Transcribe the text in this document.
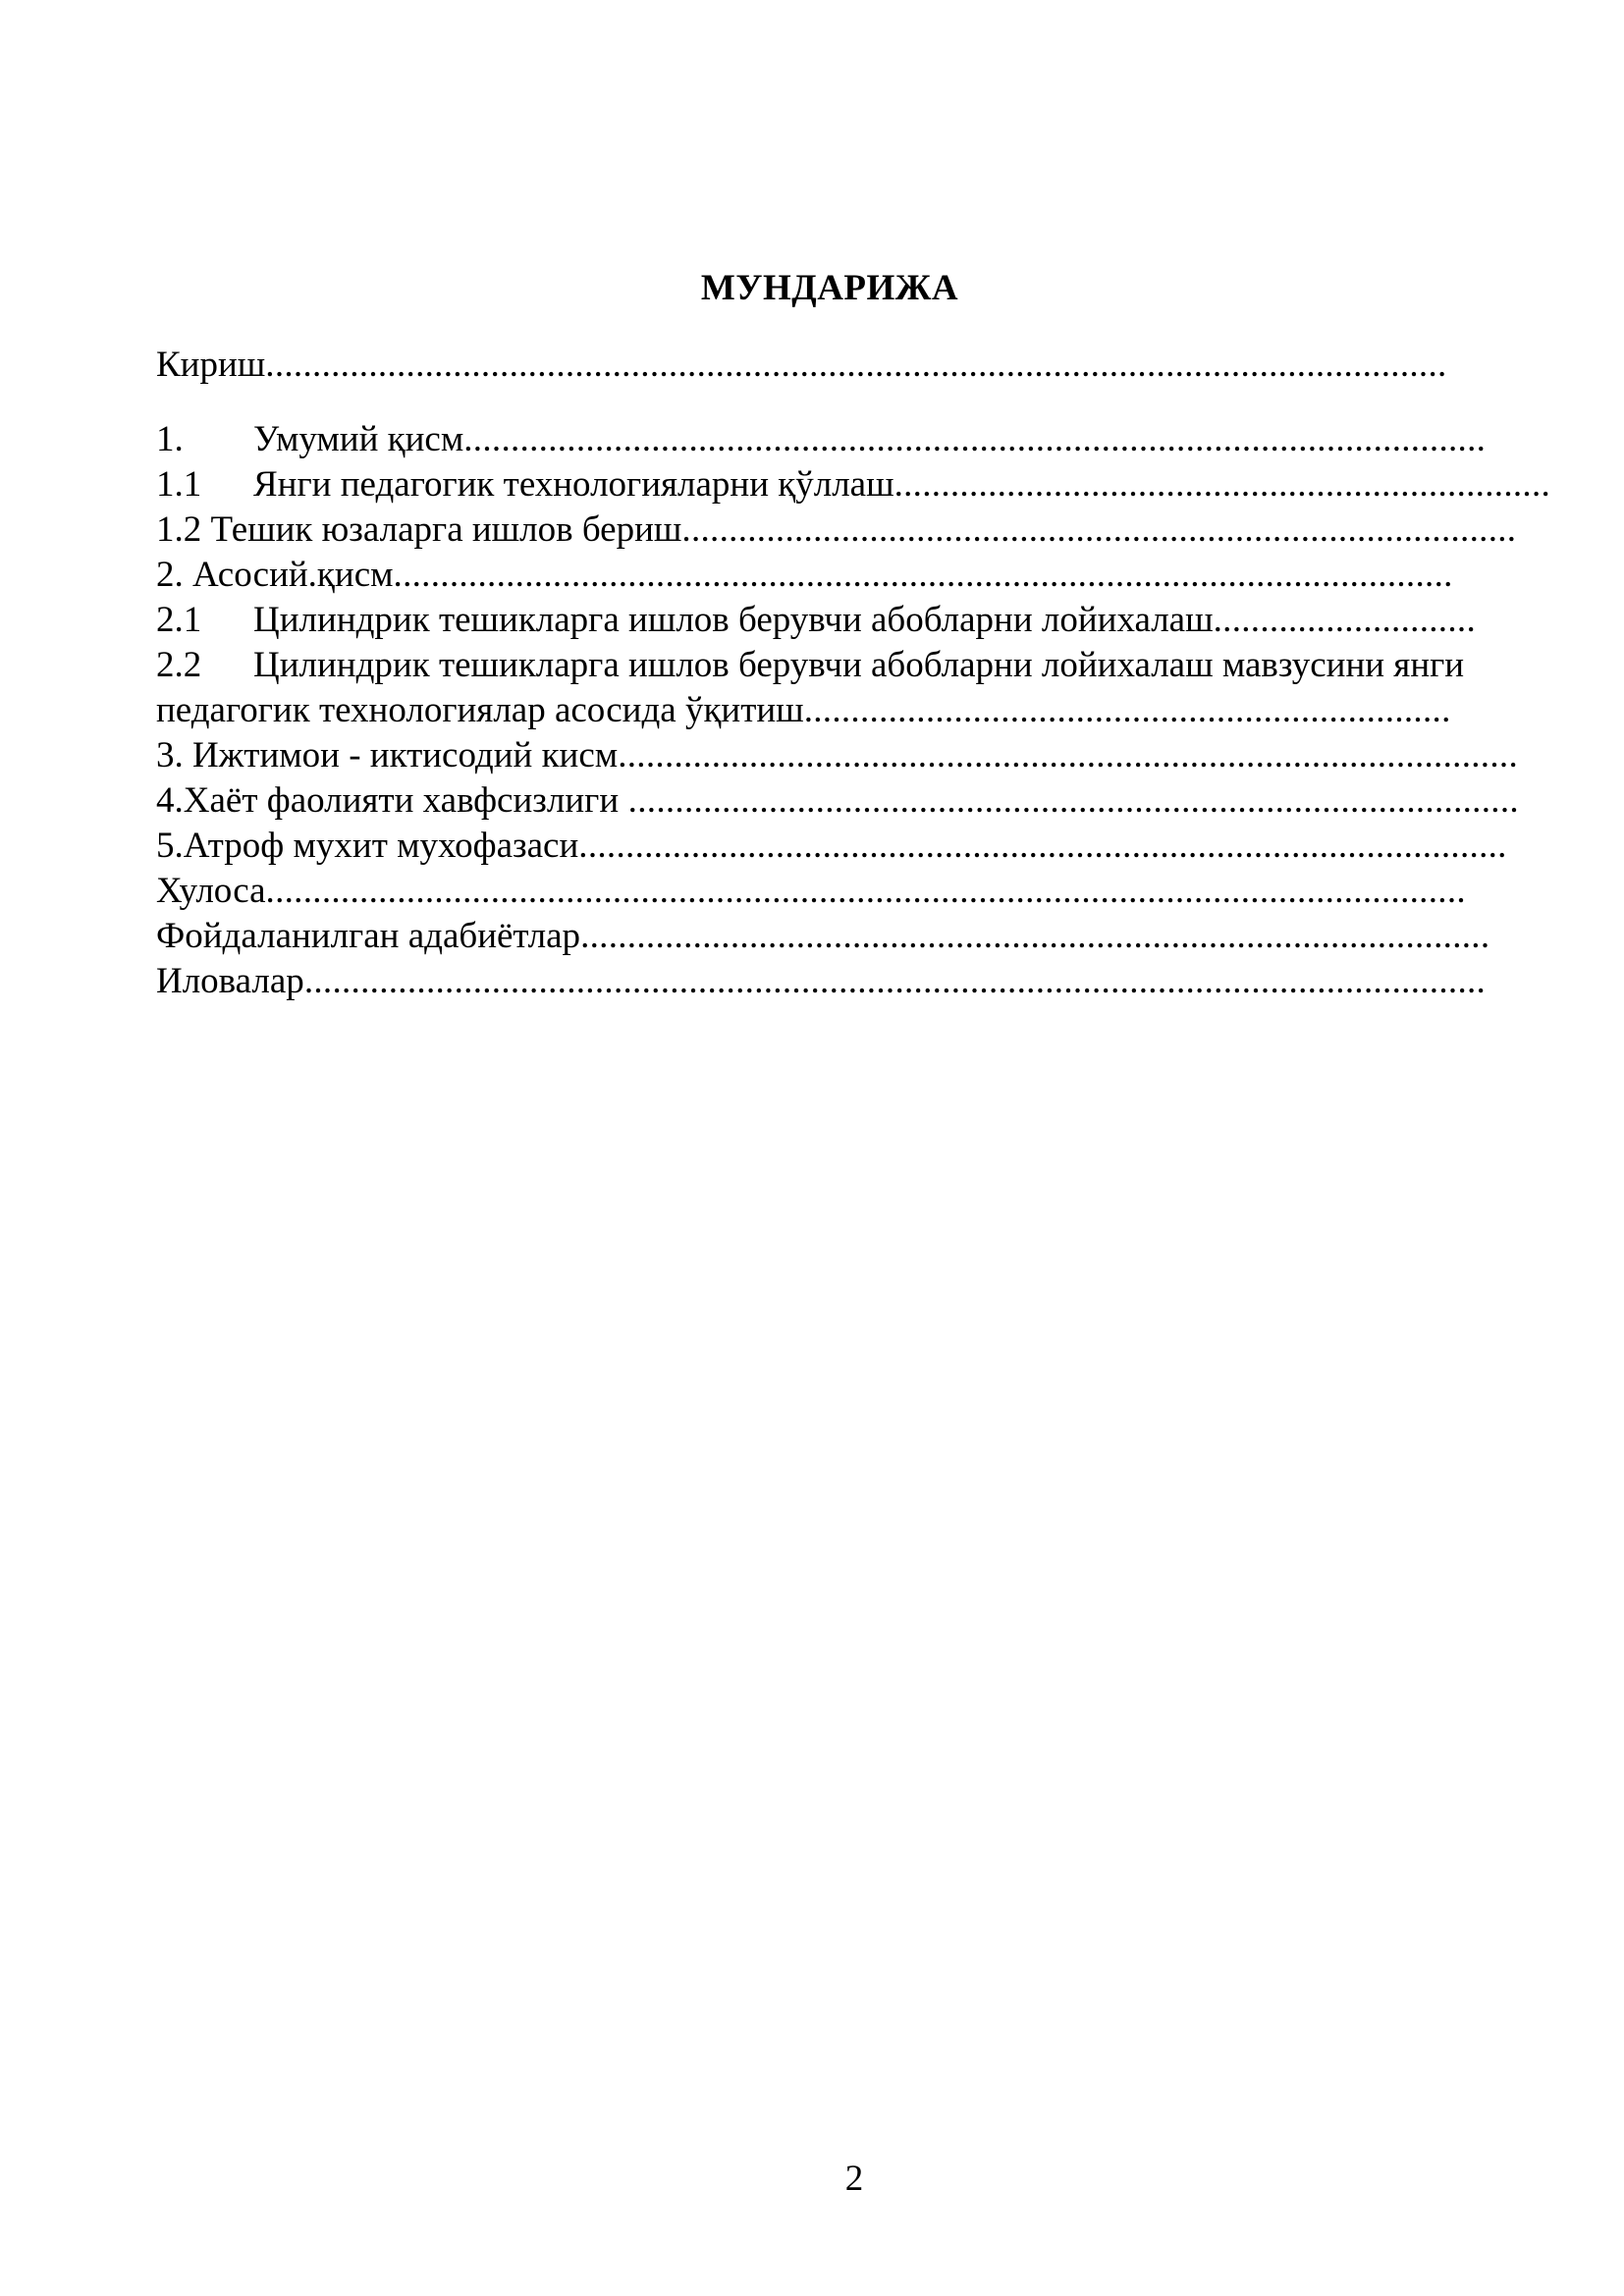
МУНДАРИЖА
Кириш..............................................................................................................................
1. Умумий қисм.............................................................................................................
1.1 Янги педагогик технологияларни қўллаш......................................................................
1.2 Тешик юзаларга ишлов бериш.........................................................................................
2. Асосий.қисм.................................................................................................................
2.1 Цилиндрик тешикларга ишлов берувчи абобларни лойихалаш............................
2.2 Цилиндрик тешикларга ишлов берувчи абобларни лойихалаш мавзусини янги
педагогик технологиялар асосида ўқитиш.....................................................................
3. Ижтимои - иктисодий кисм................................................................................................
4.Хаёт фаолияти хавфсизлиги ...............................................................................................
5.Атроф мухит мухофазаси...................................................................................................
Хулоса................................................................................................................................
Фойдаланилган адабиётлар.................................................................................................
Иловалар..............................................................................................................................
2
